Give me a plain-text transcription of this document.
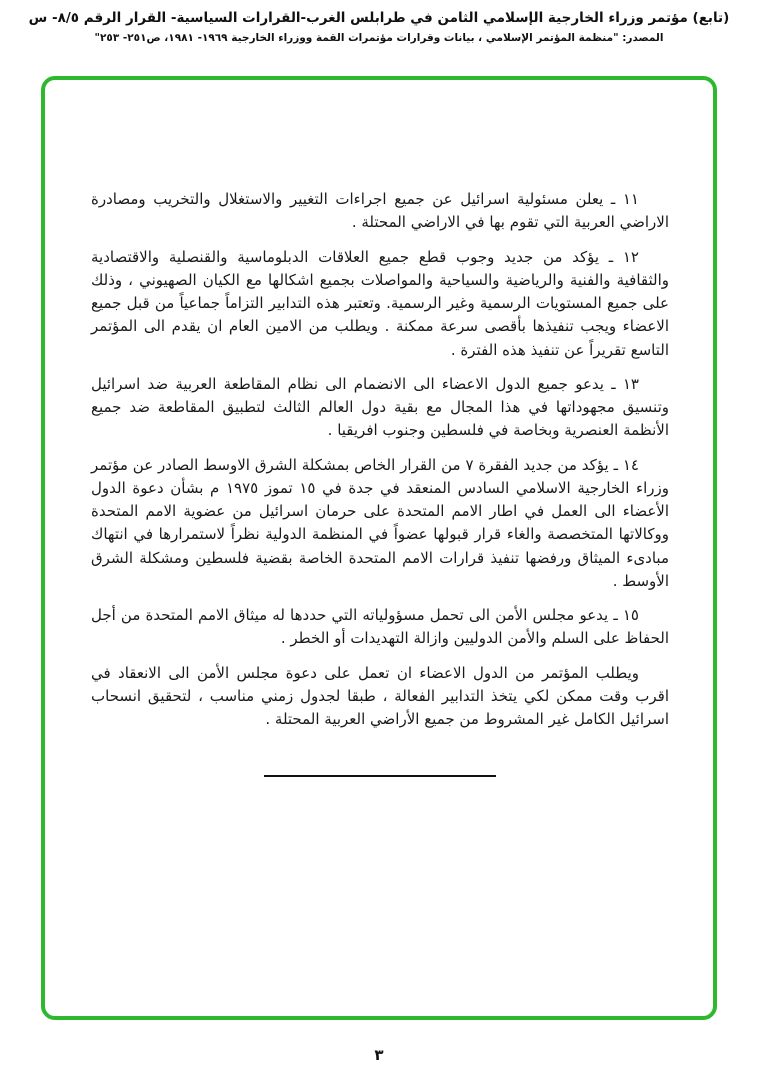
(تابع) مؤتمر وزراء الخارجية الإسلامي الثامن في طرابلس الغرب-القرارات السياسية- القرار الرقم ٨/٥- س
المصدر: "منظمة المؤتمر الإسلامي ، بيانات وقرارات مؤتمرات القمة ووزراء الخارجية ١٩٦٩- ١٩٨١، ص٢٥١- ٢٥٣"

١١ ـ يعلن مسئولية اسرائيل عن جميع اجراءات التغيير والاستغلال والتخريب ومصادرة الاراضي العربية التي تقوم بها في الاراضي المحتلة .

١٢ ـ يؤكد من جديد وجوب قطع جميع العلاقات الدبلوماسية والقنصلية والاقتصادية والثقافية والفنية والرياضية والسياحية والمواصلات بجميع اشكالها مع الكيان الصهيوني ، وذلك على جميع المستويات الرسمية وغير الرسمية. وتعتبر هذه التدابير التزاماً جماعياً من قبل جميع الاعضاء ويجب تنفيذها بأقصى سرعة ممكنة . ويطلب من الامين العام ان يقدم الى المؤتمر التاسع تقريراً عن تنفيذ هذه الفترة .

١٣ ـ يدعو جميع الدول الاعضاء الى الانضمام الى نظام المقاطعة العربية ضد اسرائيل وتنسيق مجهوداتها في هذا المجال مع بقية دول العالم الثالث لتطبيق المقاطعة ضد جميع الأنظمة العنصرية وبخاصة في فلسطين وجنوب افريقيا .

١٤ ـ يؤكد من جديد الفقرة ٧ من القرار الخاص بمشكلة الشرق الاوسط الصادر عن مؤتمر وزراء الخارجية الاسلامي السادس المنعقد في جدة في ١٥ تموز ١٩٧٥ م بشأن دعوة الدول الأعضاء الى العمل في اطار الامم المتحدة على حرمان اسرائيل من عضوية الامم المتحدة ووكالاتها المتخصصة والغاء قرار قبولها عضواً في المنظمة الدولية نظراً لاستمرارها في انتهاك مبادىء الميثاق ورفضها تنفيذ قرارات الامم المتحدة الخاصة بقضية فلسطين ومشكلة الشرق الأوسط .

١٥ ـ يدعو مجلس الأمن الى تحمل مسؤولياته التي حددها له ميثاق الامم المتحدة من أجل الحفاظ على السلم والأمن الدوليين وازالة التهديدات أو الخطر .

ويطلب المؤتمر من الدول الاعضاء ان تعمل على دعوة مجلس الأمن الى الانعقاد في اقرب وقت ممكن لكي يتخذ التدابير الفعالة ، طبقا لجدول زمني مناسب ، لتحقيق انسحاب اسرائيل الكامل غير المشروط من جميع الأراضي العربية المحتلة .

٣
